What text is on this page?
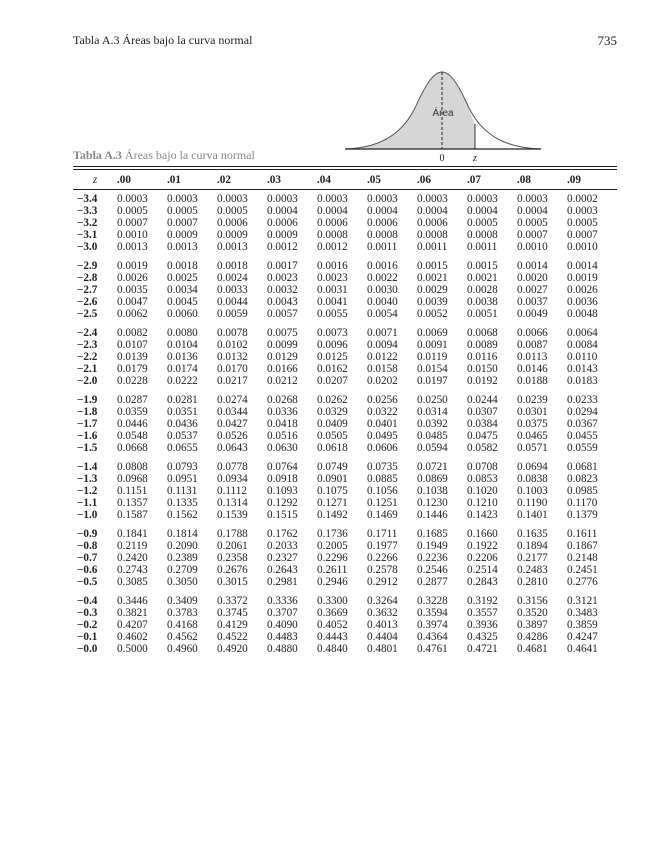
Tabla A.3 Áreas bajo la curva normal	735
Área
0	z
Tabla A.3 Áreas bajo la curva normal
z	.00	.01	.02	.03	.04	.05	.06	.07	.08	.09

−3.4	0.0003	0.0003	0.0003	0.0003	0.0003	0.0003	0.0003	0.0003	0.0003	0.0002
−3.3	0.0005	0.0005	0.0005	0.0004	0.0004	0.0004	0.0004	0.0004	0.0004	0.0003
−3.2	0.0007	0.0007	0.0006	0.0006	0.0006	0.0006	0.0006	0.0005	0.0005	0.0005
−3.1	0.0010	0.0009	0.0009	0.0009	0.0008	0.0008	0.0008	0.0008	0.0007	0.0007
−3.0	0.0013	0.0013	0.0013	0.0012	0.0012	0.0011	0.0011	0.0011	0.0010	0.0010

−2.9	0.0019	0.0018	0.0018	0.0017	0.0016	0.0016	0.0015	0.0015	0.0014	0.0014
−2.8	0.0026	0.0025	0.0024	0.0023	0.0023	0.0022	0.0021	0.0021	0.0020	0.0019
−2.7	0.0035	0.0034	0.0033	0.0032	0.0031	0.0030	0.0029	0.0028	0.0027	0.0026
−2.6	0.0047	0.0045	0.0044	0.0043	0.0041	0.0040	0.0039	0.0038	0.0037	0.0036
−2.5	0.0062	0.0060	0.0059	0.0057	0.0055	0.0054	0.0052	0.0051	0.0049	0.0048

−2.4	0.0082	0.0080	0.0078	0.0075	0.0073	0.0071	0.0069	0.0068	0.0066	0.0064
−2.3	0.0107	0.0104	0.0102	0.0099	0.0096	0.0094	0.0091	0.0089	0.0087	0.0084
−2.2	0.0139	0.0136	0.0132	0.0129	0.0125	0.0122	0.0119	0.0116	0.0113	0.0110
−2.1	0.0179	0.0174	0.0170	0.0166	0.0162	0.0158	0.0154	0.0150	0.0146	0.0143
−2.0	0.0228	0.0222	0.0217	0.0212	0.0207	0.0202	0.0197	0.0192	0.0188	0.0183

−1.9	0.0287	0.0281	0.0274	0.0268	0.0262	0.0256	0.0250	0.0244	0.0239	0.0233
−1.8	0.0359	0.0351	0.0344	0.0336	0.0329	0.0322	0.0314	0.0307	0.0301	0.0294
−1.7	0.0446	0.0436	0.0427	0.0418	0.0409	0.0401	0.0392	0.0384	0.0375	0.0367
−1.6	0.0548	0.0537	0.0526	0.0516	0.0505	0.0495	0.0485	0.0475	0.0465	0.0455
−1.5	0.0668	0.0655	0.0643	0.0630	0.0618	0.0606	0.0594	0.0582	0.0571	0.0559

−1.4	0.0808	0.0793	0.0778	0.0764	0.0749	0.0735	0.0721	0.0708	0.0694	0.0681
−1.3	0.0968	0.0951	0.0934	0.0918	0.0901	0.0885	0.0869	0.0853	0.0838	0.0823
−1.2	0.1151	0.1131	0.1112	0.1093	0.1075	0.1056	0.1038	0.1020	0.1003	0.0985
−1.1	0.1357	0.1335	0.1314	0.1292	0.1271	0.1251	0.1230	0.1210	0.1190	0.1170
−1.0	0.1587	0.1562	0.1539	0.1515	0.1492	0.1469	0.1446	0.1423	0.1401	0.1379

−0.9	0.1841	0.1814	0.1788	0.1762	0.1736	0.1711	0.1685	0.1660	0.1635	0.1611
−0.8	0.2119	0.2090	0.2061	0.2033	0.2005	0.1977	0.1949	0.1922	0.1894	0.1867
−0.7	0.2420	0.2389	0.2358	0.2327	0.2296	0.2266	0.2236	0.2206	0.2177	0.2148
−0.6	0.2743	0.2709	0.2676	0.2643	0.2611	0.2578	0.2546	0.2514	0.2483	0.2451
−0.5	0.3085	0.3050	0.3015	0.2981	0.2946	0.2912	0.2877	0.2843	0.2810	0.2776

−0.4	0.3446	0.3409	0.3372	0.3336	0.3300	0.3264	0.3228	0.3192	0.3156	0.3121
−0.3	0.3821	0.3783	0.3745	0.3707	0.3669	0.3632	0.3594	0.3557	0.3520	0.3483
−0.2	0.4207	0.4168	0.4129	0.4090	0.4052	0.4013	0.3974	0.3936	0.3897	0.3859
−0.1	0.4602	0.4562	0.4522	0.4483	0.4443	0.4404	0.4364	0.4325	0.4286	0.4247
−0.0	0.5000	0.4960	0.4920	0.4880	0.4840	0.4801	0.4761	0.4721	0.4681	0.4641
